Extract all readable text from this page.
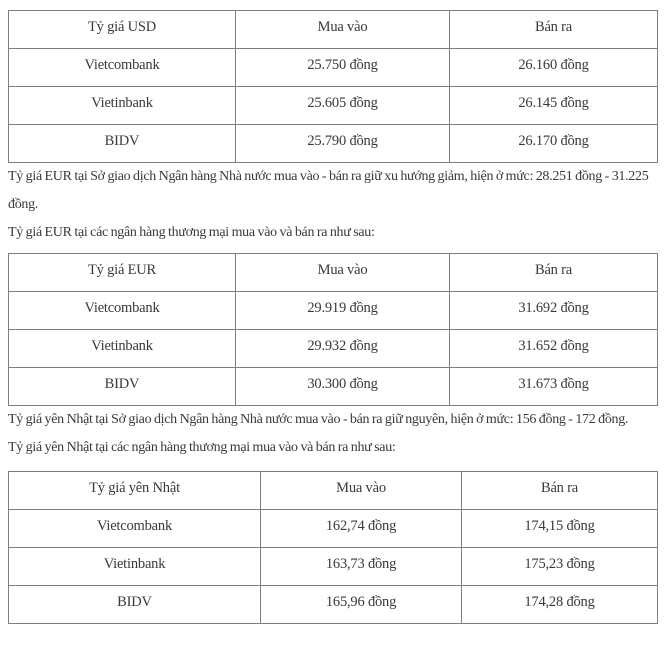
Tỷ giá USD	Mua vào	Bán ra
Vietcombank	25.750 đồng	26.160 đồng
Vietinbank	25.605 đồng	26.145 đồng
BIDV	25.790 đồng	26.170 đồng

Tỷ giá EUR tại Sở giao dịch Ngân hàng Nhà nước mua vào - bán ra giữ xu hướng giảm, hiện ở mức: 28.251 đồng - 31.225 đồng.

Tỷ giá EUR tại các ngân hàng thương mại mua vào và bán ra như sau:

Tỷ giá EUR	Mua vào	Bán ra
Vietcombank	29.919 đồng	31.692 đồng
Vietinbank	29.932 đồng	31.652 đồng
BIDV	30.300 đồng	31.673 đồng

Tỷ giá yên Nhật tại Sở giao dịch Ngân hàng Nhà nước mua vào - bán ra giữ nguyên, hiện ở mức: 156 đồng - 172 đồng.

Tỷ giá yên Nhật tại các ngân hàng thương mại mua vào và bán ra như sau:

Tỷ giá yên Nhật	Mua vào	Bán ra
Vietcombank	162,74 đồng	174,15 đồng
Vietinbank	163,73 đồng	175,23 đồng
BIDV	165,96 đồng	174,28 đồng
